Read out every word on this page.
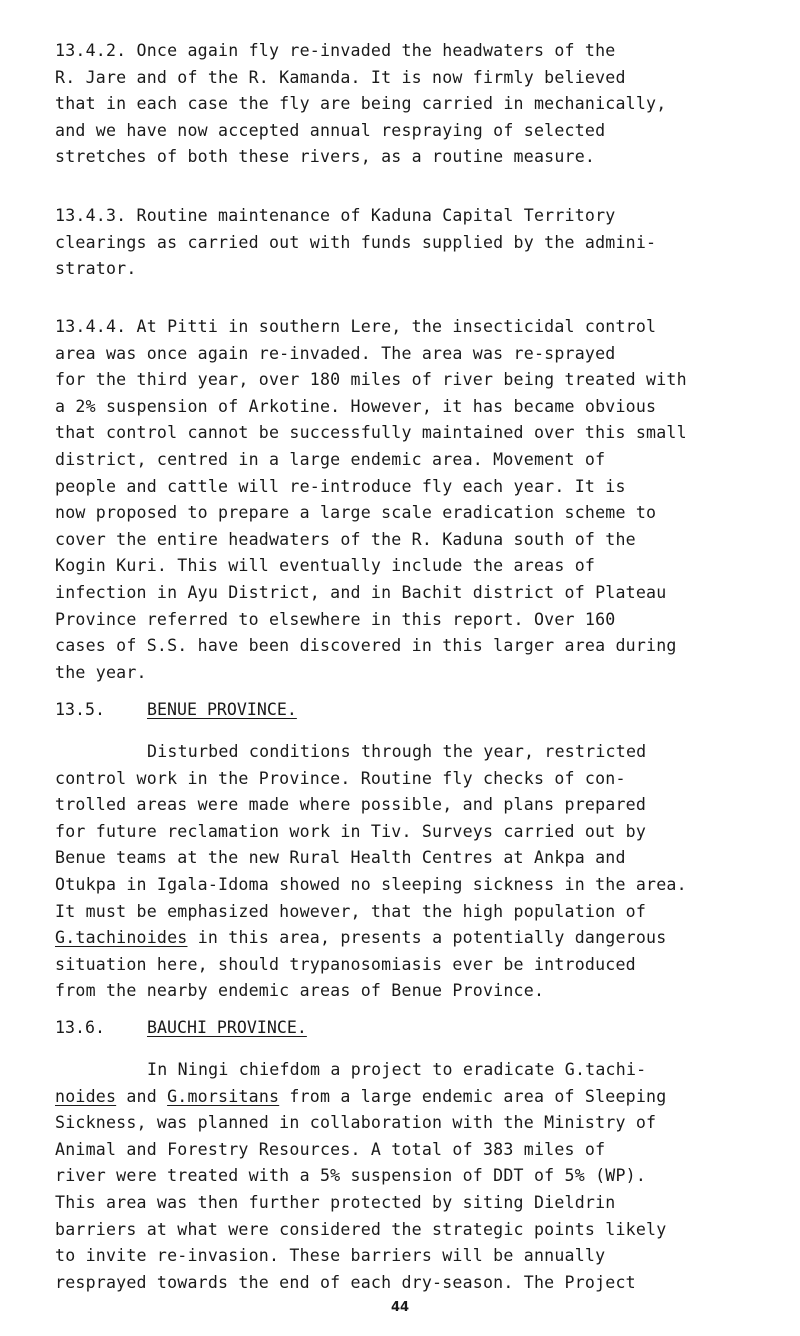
13.4.2. Once again fly re-invaded the headwaters of the
R. Jare and of the R. Kamanda. It is now firmly believed
that in each case the fly are being carried in mechanically,
and we have now accepted annual respraying of selected
stretches of both these rivers, as a routine measure.
13.4.3. Routine maintenance of Kaduna Capital Territory
clearings as carried out with funds supplied by the admini-
strator.
13.4.4. At Pitti in southern Lere, the insecticidal control
area was once again re-invaded. The area was re-sprayed
for the third year, over 180 miles of river being treated with
a 2% suspension of Arkotine. However, it has became obvious
that control cannot be successfully maintained over this small
district, centred in a large endemic area. Movement of
people and cattle will re-introduce fly each year. It is
now proposed to prepare a large scale eradication scheme to
cover the entire headwaters of the R. Kaduna south of the
Kogin Kuri. This will eventually include the areas of
infection in Ayu District, and in Bachit district of Plateau
Province referred to elsewhere in this report. Over 160
cases of S.S. have been discovered in this larger area during
the year.
13.5.	BENUE PROVINCE.
Disturbed conditions through the year, restricted
control work in the Province. Routine fly checks of con-
trolled areas were made where possible, and plans prepared
for future reclamation work in Tiv. Surveys carried out by
Benue teams at the new Rural Health Centres at Ankpa and
Otukpa in Igala-Idoma showed no sleeping sickness in the area.
It must be emphasized however, that the high population of
G.tachinoides in this area, presents a potentially dangerous
situation here, should trypanosomiasis ever be introduced
from the nearby endemic areas of Benue Province.
13.6.	BAUCHI PROVINCE.
In Ningi chiefdom a project to eradicate G.tachi-
noides and G.morsitans from a large endemic area of Sleeping
Sickness, was planned in collaboration with the Ministry of
Animal and Forestry Resources. A total of 383 miles of
river were treated with a 5% suspension of DDT of 5% (WP).
This area was then further protected by siting Dieldrin
barriers at what were considered the strategic points likely
to invite re-invasion. These barriers will be annually
resprayed towards the end of each dry-season. The Project
44
